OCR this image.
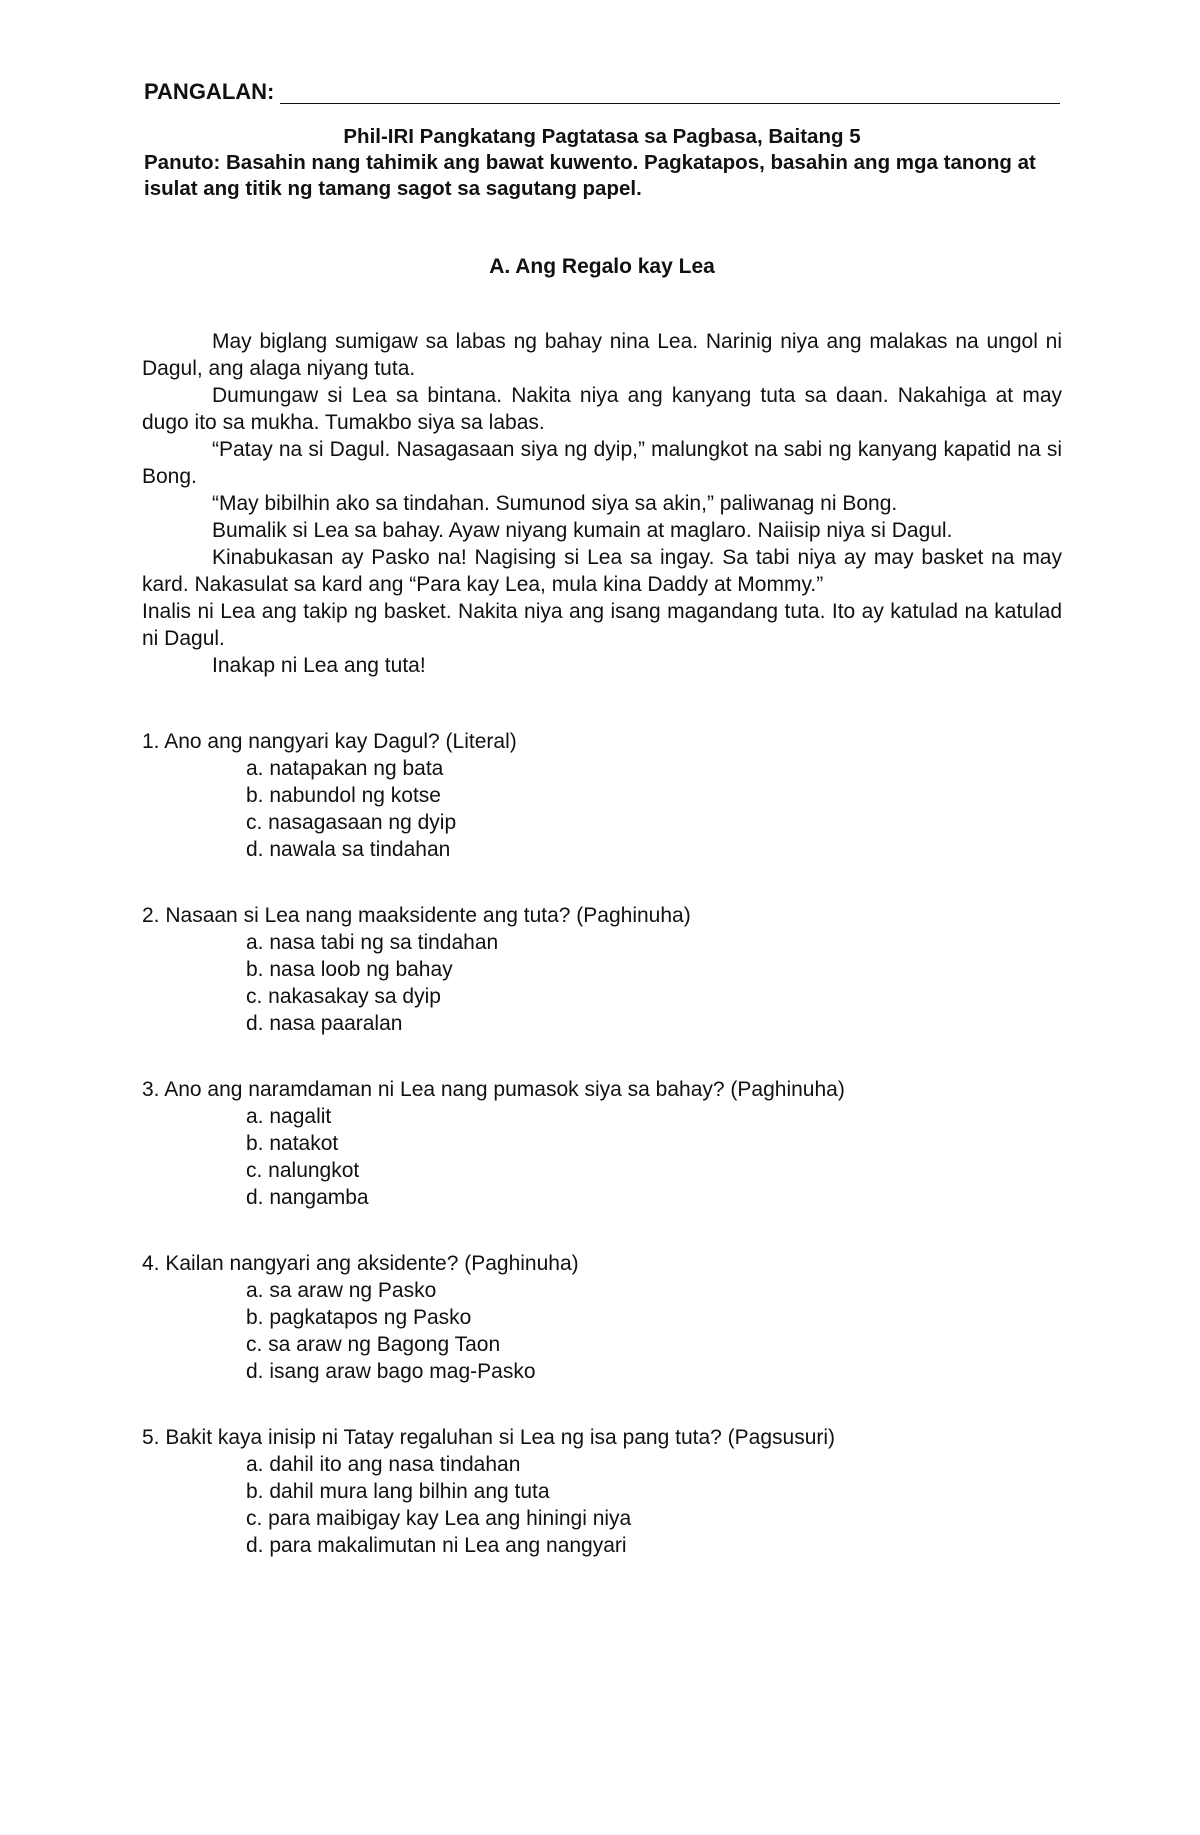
PANGALAN:
Phil-IRI Pangkatang Pagtatasa sa Pagbasa, Baitang 5
Panuto: Basahin nang tahimik ang bawat kuwento. Pagkatapos, basahin ang mga tanong at isulat ang titik ng tamang sagot sa sagutang papel.
A. Ang Regalo kay Lea

May biglang sumigaw sa labas ng bahay nina Lea. Narinig niya ang malakas na ungol ni Dagul, ang alaga niyang tuta.

Dumungaw si Lea sa bintana. Nakita niya ang kanyang tuta sa daan. Nakahiga at may dugo ito sa mukha. Tumakbo siya sa labas.

“Patay na si Dagul. Nasagasaan siya ng dyip,” malungkot na sabi ng kanyang kapatid na si Bong.

“May bibilhin ako sa tindahan. Sumunod siya sa akin,” paliwanag ni Bong.

Bumalik si Lea sa bahay. Ayaw niyang kumain at maglaro. Naiisip niya si Dagul.

Kinabukasan ay Pasko na! Nagising si Lea sa ingay. Sa tabi niya ay may basket na may kard. Nakasulat sa kard ang “Para kay Lea, mula kina Daddy at Mommy.”

Inalis ni Lea ang takip ng basket. Nakita niya ang isang magandang tuta. Ito ay katulad na katulad ni Dagul.

Inakap ni Lea ang tuta!

1. Ano ang nangyari kay Dagul? (Literal)

a. natapakan ng bata

b. nabundol ng kotse

c. nasagasaan ng dyip

d. nawala sa tindahan

2. Nasaan si Lea nang maaksidente ang tuta? (Paghinuha)

a. nasa tabi ng sa tindahan

b. nasa loob ng bahay

c. nakasakay sa dyip

d. nasa paaralan

3. Ano ang naramdaman ni Lea nang pumasok siya sa bahay? (Paghinuha)

a. nagalit

b. natakot

c. nalungkot

d. nangamba

4. Kailan nangyari ang aksidente? (Paghinuha)

a. sa araw ng Pasko

b. pagkatapos ng Pasko

c. sa araw ng Bagong Taon

d. isang araw bago mag-Pasko

5. Bakit kaya inisip ni Tatay regaluhan si Lea ng isa pang tuta? (Pagsusuri)

a. dahil ito ang nasa tindahan

b. dahil mura lang bilhin ang tuta

c. para maibigay kay Lea ang hiningi niya

d. para makalimutan ni Lea ang nangyari
